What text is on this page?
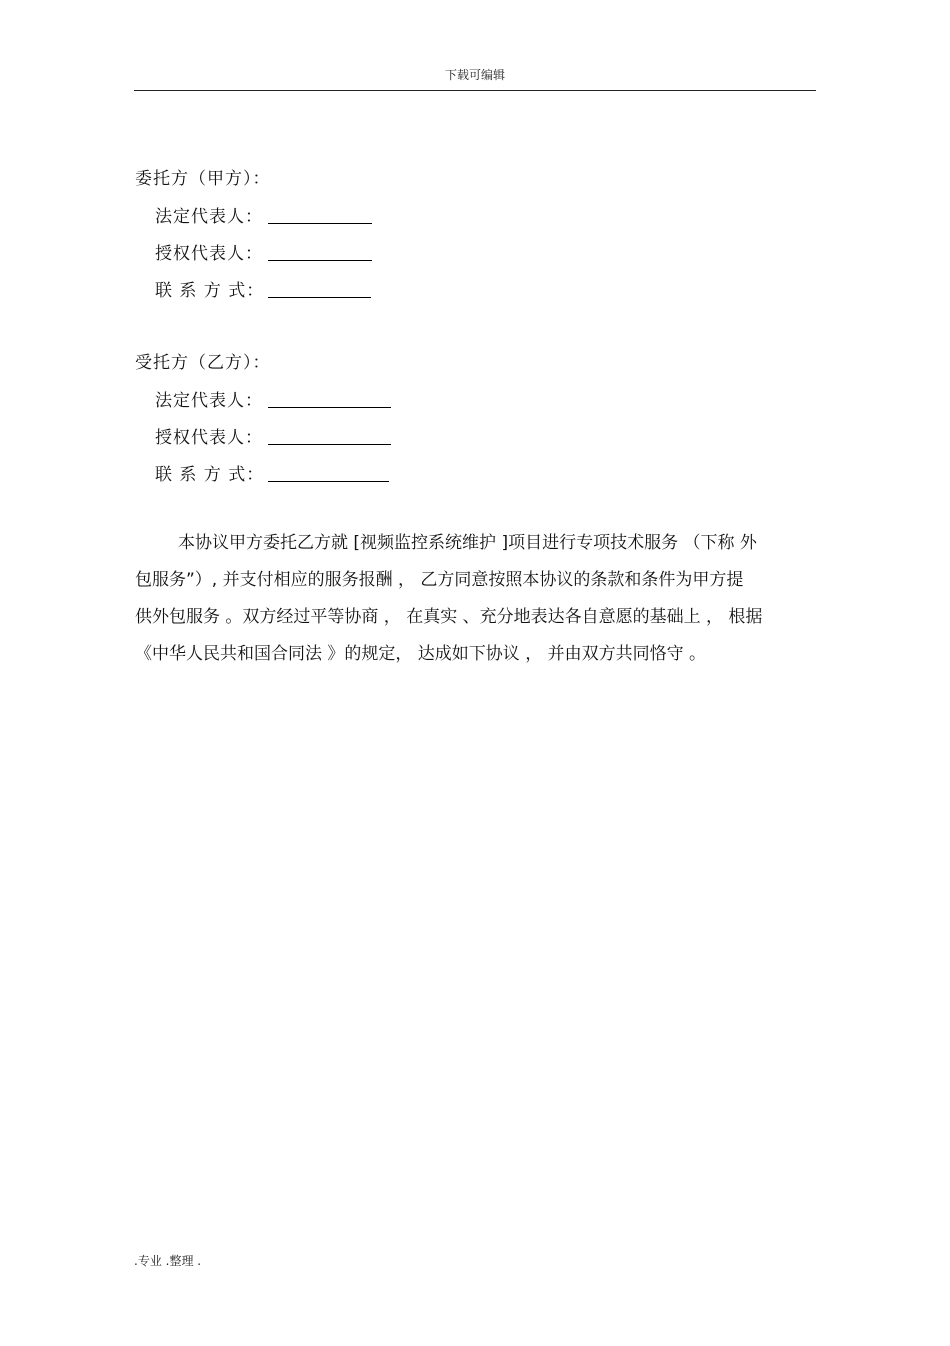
下载可编辑
委托方（甲方）：
法定代表人：
授权代表人：
联 系 方 式：
受托方（乙方）：
法定代表人：
授权代表人：
联 系 方 式：
本协议甲方委托乙方就 [视频监控系统维护 ]项目进行专项技术服务 （下称 外
包服务”）, 并支付相应的服务报酬 ， 乙方同意按照本协议的条款和条件为甲方提
供外包服务 。双方经过平等协商 ， 在真实 、充分地表达各自意愿的基础上 ， 根据
《中华人民共和国合同法 》的规定， 达成如下协议 ， 并由双方共同恪守 。
.专业 .整理 .
